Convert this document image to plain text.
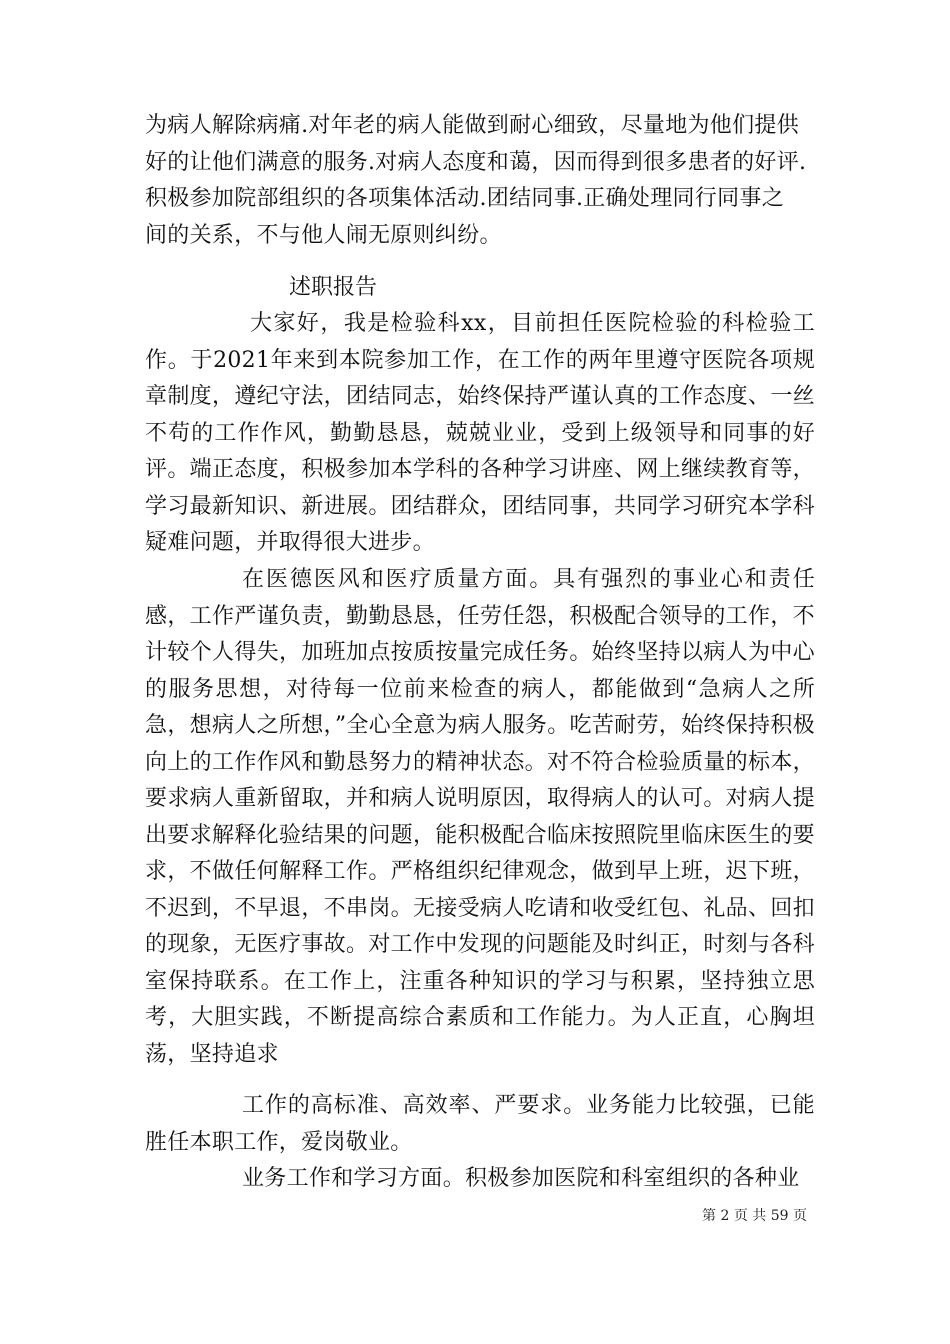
为病人解除病痛.对年老的病人能做到耐心细致，尽量地为他们提供
好的让他们满意的服务.对病人态度和蔼，因而得到很多患者的好评.
积极参加院部组织的各项集体活动.团结同事.正确处理同行同事之
间的关系，不与他人闹无原则纠纷。
述职报告
大家好，我是检验科xx，目前担任医院检验的科检验工作。于2021年来到本院参加工作，在工作的两年里遵守医院各项规章制度，遵纪守法，团结同志，始终保持严谨认真的工作态度、一丝不苟的工作作风，勤勤恳恳，兢兢业业，受到上级领导和同事的好评。端正态度，积极参加本学科的各种学习讲座、网上继续教育等，学习最新知识、新进展。团结群众，团结同事，共同学习研究本学科疑难问题，并取得很大进步。
在医德医风和医疗质量方面。具有强烈的事业心和责任感，工作严谨负责，勤勤恳恳，任劳任怨，积极配合领导的工作，不计较个人得失，加班加点按质按量完成任务。始终坚持以病人为中心的服务思想，对待每一位前来检查的病人，都能做到“急病人之所急，想病人之所想，”全心全意为病人服务。吃苦耐劳，始终保持积极向上的工作作风和勤恳努力的精神状态。对不符合检验质量的标本，要求病人重新留取，并和病人说明原因，取得病人的认可。对病人提出要求解释化验结果的问题，能积极配合临床按照院里临床医生的要求，不做任何解释工作。严格组织纪律观念，做到早上班，迟下班，不迟到，不早退，不串岗。无接受病人吃请和收受红包、礼品、回扣的现象，无医疗事故。对工作中发现的问题能及时纠正，时刻与各科室保持联系。在工作上，注重各种知识的学习与积累，坚持独立思考，大胆实践，不断提高综合素质和工作能力。为人正直，心胸坦荡，坚持追求
工作的高标准、高效率、严要求。业务能力比较强，已能胜任本职工作，爱岗敬业。
业务工作和学习方面。积极参加医院和科室组织的各种业
第 2 页 共 59 页
